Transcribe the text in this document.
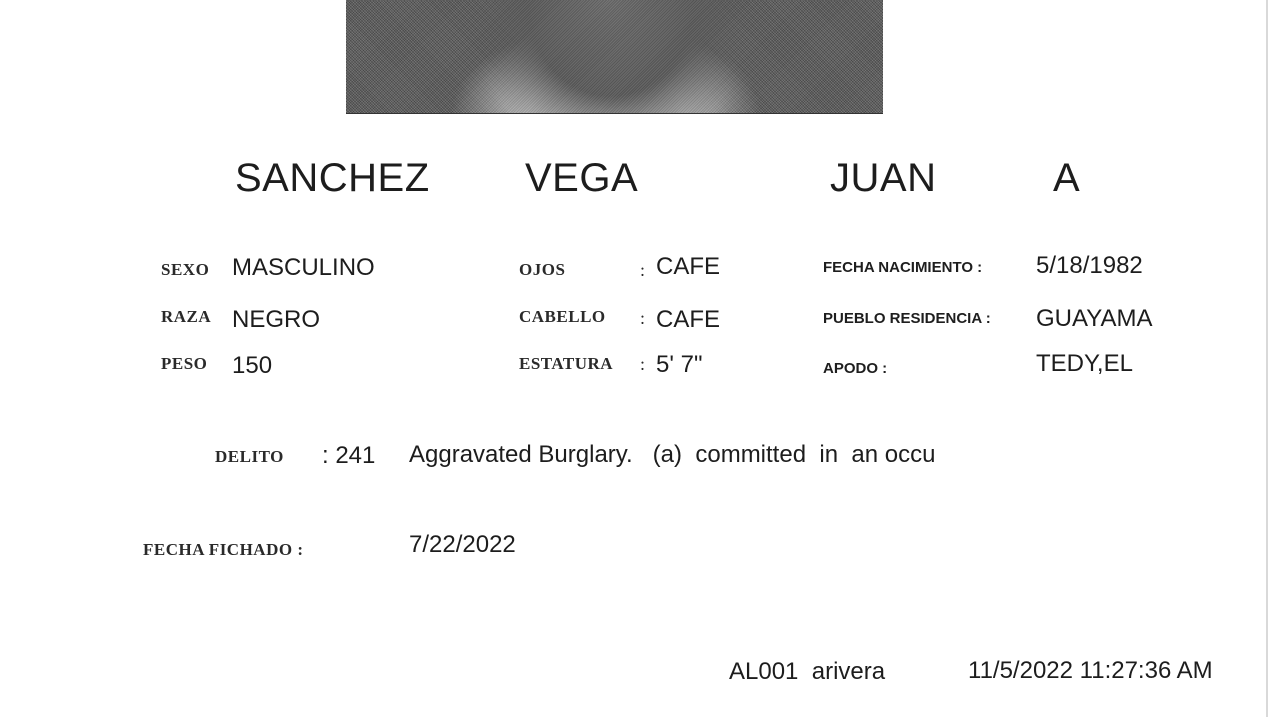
SANCHEZ VEGA	JUAN	A
SEXO MASCULINO
RAZA NEGRO
PESO 150
OJOS	: CAFE
CABELLO : CAFE
ESTATURA : 5' 7"
FECHA NACIMIENTO : 5/18/1982
PUEBLO RESIDENCIA : GUAYAMA
APODO :	TEDY,EL
DELITO : 241 Aggravated Burglary.   (a)  committed  in  an occu
FECHA FICHADO :	7/22/2022
AL001  arivera	11/5/2022 11:27:36 AM
